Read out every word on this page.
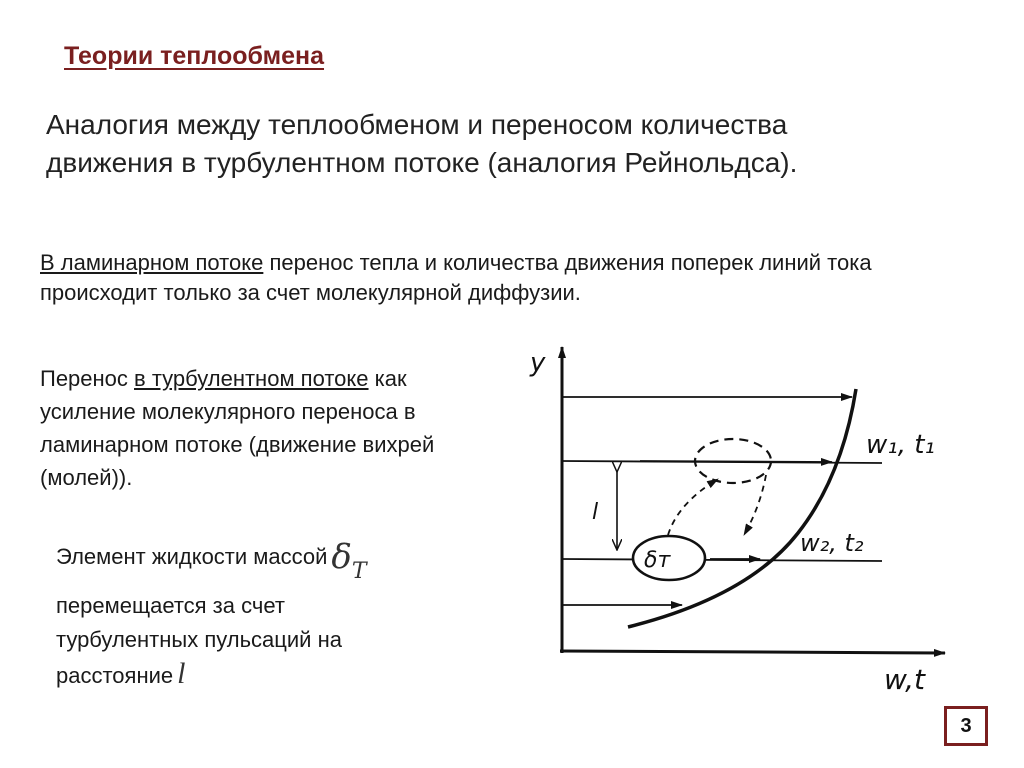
Теории теплообмена

Аналогия между теплообменом и переносом количества движения в турбулентном потоке (аналогия Рейнольдса).

В ламинарном потоке перенос тепла и количества движения поперек линий тока происходит только за счет молекулярной диффузии.

Перенос в турбулентном потоке как усиление молекулярного переноса в ламинарном потоке (движение вихрей (молей)).

Элемент жидкости массой δT
перемещается за счет
турбулентных пульсаций на
расстояние l
l
δт
y
w,t
w₁, t₁
w₂, t₂
3
